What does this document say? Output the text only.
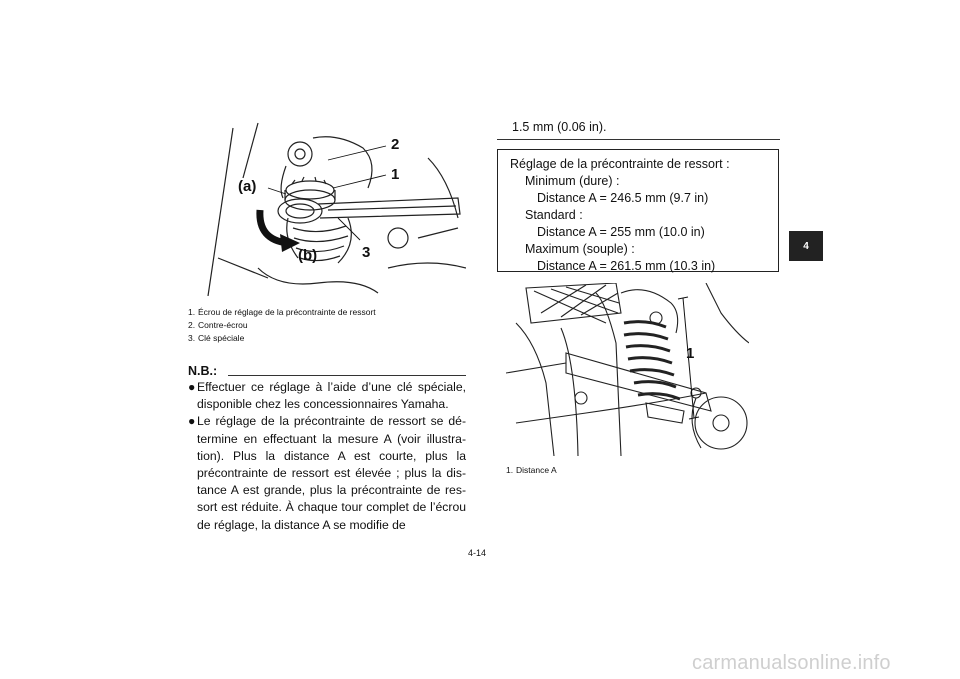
2
1
(a)
(b)	3
1. Écrou de réglage de la précontrainte de ressort
2. Contre-écrou
3. Clé spéciale
N.B.:
● Effectuer ce réglage à l’aide d’une clé spéciale, disponible chez les concessionnaires Yamaha.
● Le réglage de la précontrainte de ressort se détermine en effectuant la mesure A (voir illustration). Plus la distance A est courte, plus la précontrainte de ressort est élevée ; plus la distance A est grande, plus la précontrainte de ressort est réduite. À chaque tour complet de l’écrou de réglage, la distance A se modifie de
1.5 mm (0.06 in).
Réglage de la précontrainte de ressort :
Minimum (dure) :
Distance A = 246.5 mm (9.7 in)
Standard :
Distance A = 255 mm (10.0 in)
Maximum (souple) :
Distance A = 261.5 mm (10.3 in)
1
1. Distance A
4
4-14
carmanualsonline.info
